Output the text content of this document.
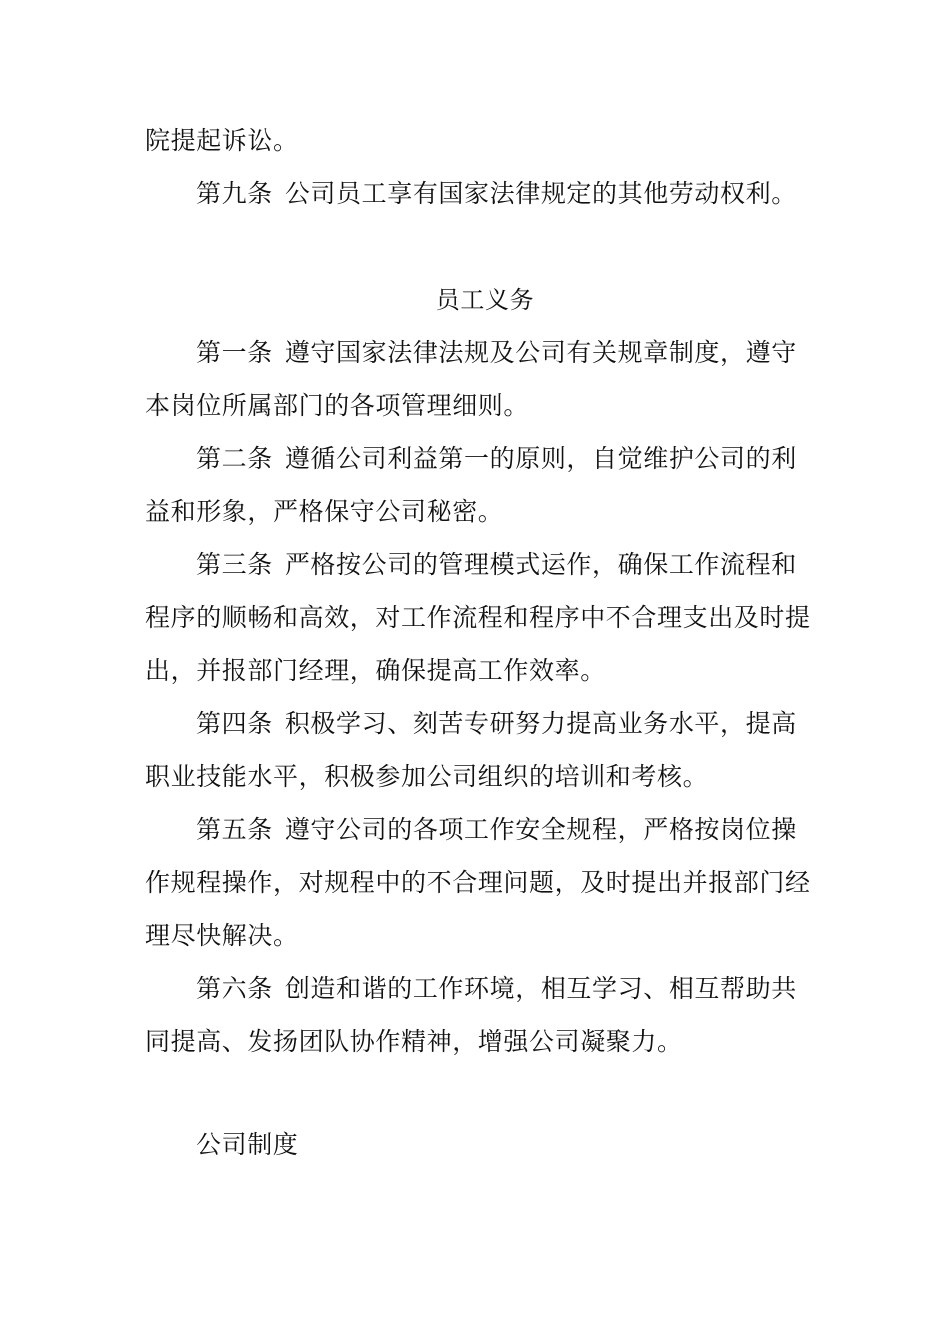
院提起诉讼。
第九条 公司员工享有国家法律规定的其他劳动权利。
员工义务
第一条 遵守国家法律法规及公司有关规章制度，遵守
本岗位所属部门的各项管理细则。
第二条 遵循公司利益第一的原则，自觉维护公司的利
益和形象，严格保守公司秘密。
第三条 严格按公司的管理模式运作，确保工作流程和
程序的顺畅和高效，对工作流程和程序中不合理支出及时提
出，并报部门经理，确保提高工作效率。
第四条 积极学习、刻苦专研努力提高业务水平，提高
职业技能水平，积极参加公司组织的培训和考核。
第五条 遵守公司的各项工作安全规程，严格按岗位操
作规程操作，对规程中的不合理问题，及时提出并报部门经
理尽快解决。
第六条 创造和谐的工作环境，相互学习、相互帮助共
同提高、发扬团队协作精神，增强公司凝聚力。
公司制度
